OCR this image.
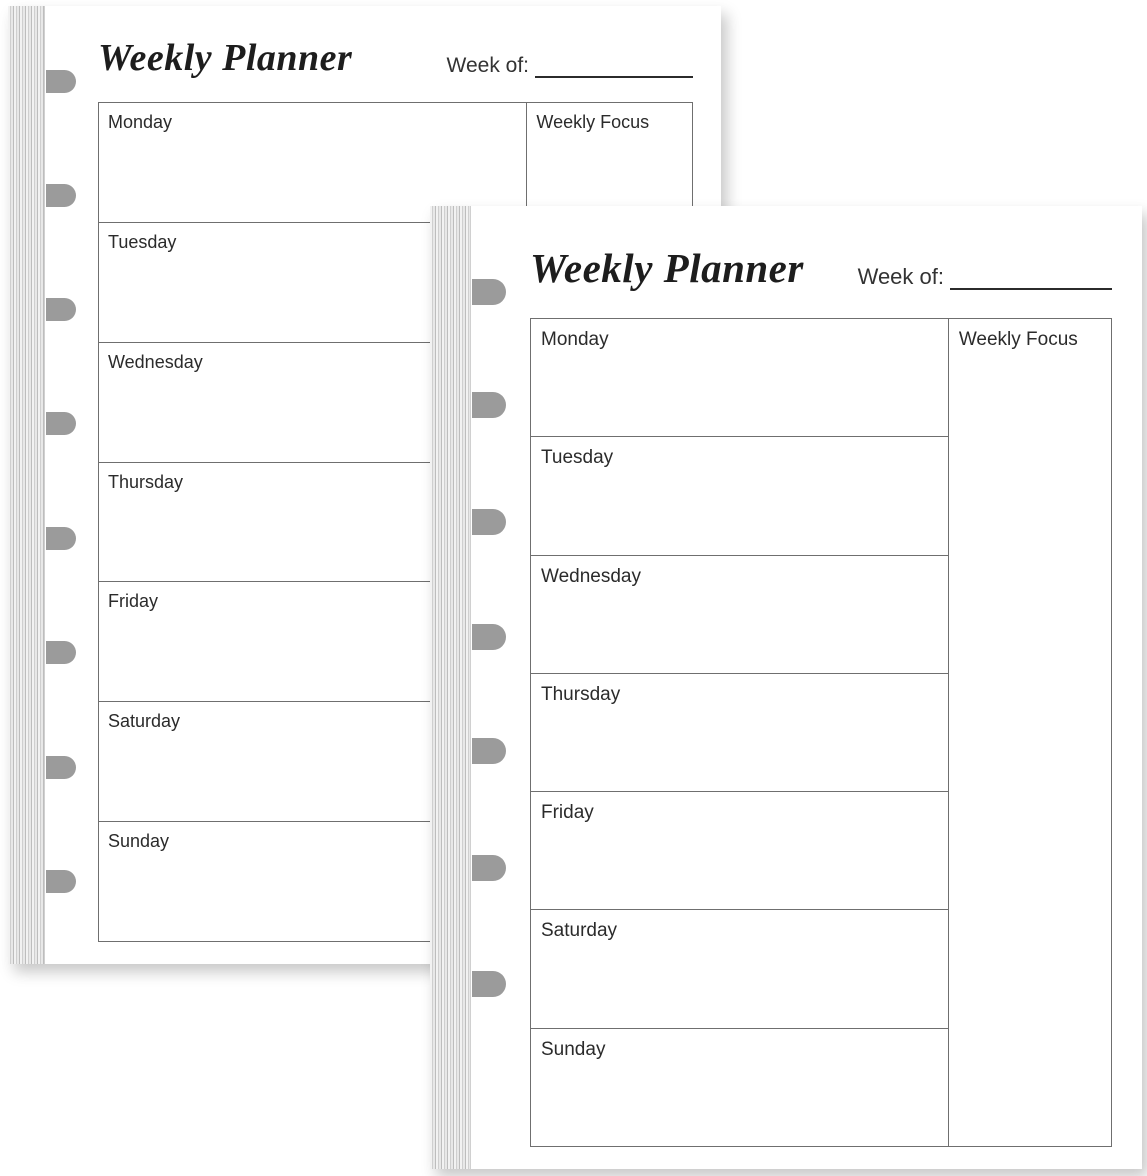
Weekly Planner	Week of:
Monday
Tuesday
Wednesday
Thursday
Friday
Saturday
Sunday
Weekly Focus
Weekly Planner Week of:
Monday
Tuesday
Wednesday
Thursday
Friday
Saturday
Sunday
Weekly Focus
